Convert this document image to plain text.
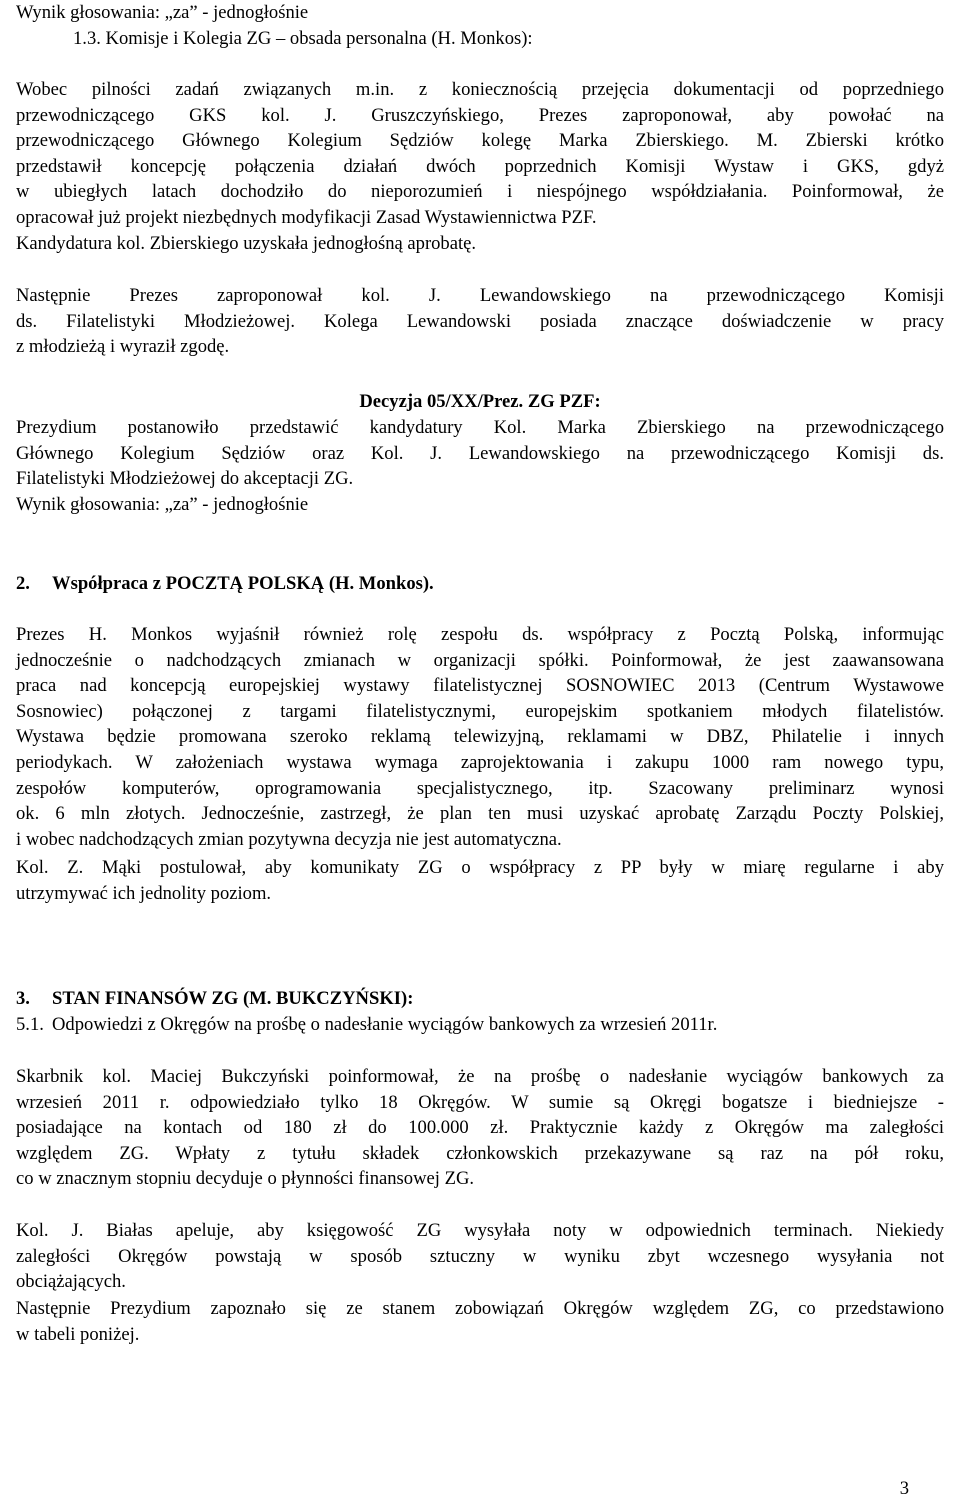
Wynik głosowania: „za” - jednogłośnie
1.3. Komisje i Kolegia ZG – obsada personalna (H. Monkos):
Wobec pilności zadań związanych m.in. z koniecznością przejęcia dokumentacji od poprzedniego
przewodniczącego GKS kol. J. Gruszczyńskiego, Prezes zaproponował, aby powołać na
przewodniczącego Głównego Kolegium Sędziów kolegę Marka Zbierskiego. M. Zbierski krótko
przedstawił koncepcję połączenia działań dwóch poprzednich Komisji Wystaw i GKS, gdyż
w ubiegłych latach dochodziło do nieporozumień i niespójnego współdziałania. Poinformował, że
opracował już projekt niezbędnych modyfikacji Zasad Wystawiennictwa PZF.
Kandydatura kol. Zbierskiego uzyskała jednogłośną aprobatę.
Następnie Prezes zaproponował kol. J. Lewandowskiego na przewodniczącego Komisji
ds. Filatelistyki Młodzieżowej. Kolega Lewandowski posiada znaczące doświadczenie w pracy
z młodzieżą i wyraził zgodę.
Decyzja 05/XX/Prez. ZG PZF:
Prezydium postanowiło przedstawić kandydatury Kol. Marka Zbierskiego na przewodniczącego
Głównego Kolegium Sędziów oraz Kol. J. Lewandowskiego na przewodniczącego Komisji ds.
Filatelistyki Młodzieżowej do akceptacji ZG.
Wynik głosowania: „za” - jednogłośnie
2. Współpraca z POCZTĄ POLSKĄ (H. Monkos).
Prezes H. Monkos wyjaśnił również rolę zespołu ds. współpracy z Pocztą Polską, informując
jednocześnie o nadchodzących zmianach w organizacji spółki. Poinformował, że jest zaawansowana
praca nad koncepcją europejskiej wystawy filatelistycznej SOSNOWIEC 2013 (Centrum Wystawowe
Sosnowiec) połączonej z targami filatelistycznymi, europejskim spotkaniem młodych filatelistów.
Wystawa będzie promowana szeroko reklamą telewizyjną, reklamami w DBZ, Philatelie i innych
periodykach. W założeniach wystawa wymaga zaprojektowania i zakupu 1000 ram nowego typu,
zespołów komputerów, oprogramowania specjalistycznego, itp. Szacowany preliminarz wynosi
ok. 6 mln złotych. Jednocześnie, zastrzegł, że plan ten musi uzyskać aprobatę Zarządu Poczty Polskiej,
i wobec nadchodzących zmian pozytywna decyzja nie jest automatyczna.
Kol. Z. Mąki postulował, aby komunikaty ZG o współpracy z PP były w miarę regularne i aby
utrzymywać ich jednolity poziom.
3. STAN FINANSÓW ZG (M. BUKCZYŃSKI):
5.1. Odpowiedzi z Okręgów na prośbę o nadesłanie wyciągów bankowych za wrzesień 2011r.
Skarbnik kol. Maciej Bukczyński poinformował, że na prośbę o nadesłanie wyciągów bankowych za
wrzesień 2011 r. odpowiedziało tylko 18 Okręgów. W sumie są Okręgi bogatsze i biedniejsze -
posiadające na kontach od 180 zł do 100.000 zł. Praktycznie każdy z Okręgów ma zaległości
względem ZG. Wpłaty z tytułu składek członkowskich przekazywane są raz na pół roku,
co w znacznym stopniu decyduje o płynności finansowej ZG.
Kol. J. Białas apeluje, aby księgowość ZG wysyłała noty w odpowiednich terminach. Niekiedy
zaległości Okręgów powstają w sposób sztuczny w wyniku zbyt wczesnego wysyłania not
obciążających.
Następnie Prezydium zapoznało się ze stanem zobowiązań Okręgów względem ZG, co przedstawiono
w tabeli poniżej.
3
